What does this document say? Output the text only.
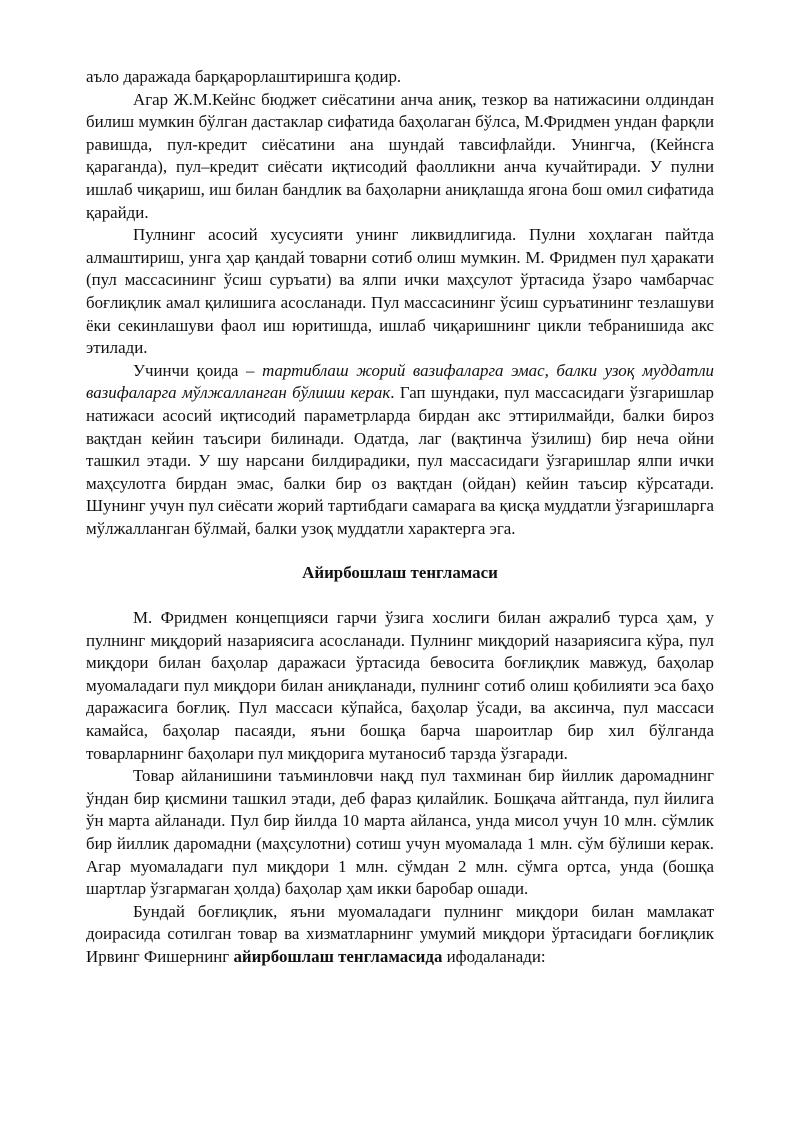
аъло даражада барқарорлаштиришга қодир.

Агар Ж.М.Кейнс бюджет сиёсатини анча аниқ, тезкор ва натижасини олдиндан билиш мумкин бўлган дастаклар сифатида баҳолаган бўлса, М.Фридмен ундан фарқли равишда, пул-кредит сиёсатини ана шундай тавсифлайди. Унингча, (Кейнсга қараганда), пул–кредит сиёсати иқтисодий фаолликни анча кучайтиради. У пулни ишлаб чиқариш, иш билан бандлик ва баҳоларни аниқлашда ягона бош омил сифатида қарайди.

Пулнинг асосий хусусияти унинг ликвидлигида. Пулни хоҳлаган пайтда алмаштириш, унга ҳар қандай товарни сотиб олиш мумкин. М. Фридмен пул ҳаракати (пул массасининг ўсиш суръати) ва ялпи ички маҳсулот ўртасида ўзаро чамбарчас боғлиқлик амал қилишига асосланади. Пул массасининг ўсиш суръатининг тезлашуви ёки секинлашуви фаол иш юритишда, ишлаб чиқаришнинг цикли тебранишида акс этилади.

Учинчи қоида – тартиблаш жорий вазифаларга эмас, балки узоқ муддатли вазифаларга мўлжалланган бўлиши керак. Гап шундаки, пул массасидаги ўзгаришлар натижаси асосий иқтисодий параметрларда бирдан акс эттирилмайди, балки бироз вақтдан кейин таъсири билинади. Одатда, лаг (вақтинча ўзилиш) бир неча ойни ташкил этади. У шу нарсани билдирадики, пул массасидаги ўзгаришлар ялпи ички маҳсулотга бирдан эмас, балки бир оз вақтдан (ойдан) кейин таъсир кўрсатади. Шунинг учун пул сиёсати жорий тартибдаги самарага ва қисқа муддатли ўзгаришларга мўлжалланган бўлмай, балки узоқ муддатли характерга эга.

Айирбошлаш тенгламаси

М. Фридмен концепцияси гарчи ўзига хослиги билан ажралиб турса ҳам, у пулнинг миқдорий назариясига асосланади. Пулнинг миқдорий назариясига кўра, пул миқдори билан баҳолар даражаси ўртасида бевосита боғлиқлик мавжуд, баҳолар муомаладаги пул миқдори билан аниқланади, пулнинг сотиб олиш қобилияти эса баҳо даражасига боғлиқ. Пул массаси кўпайса, баҳолар ўсади, ва аксинча, пул массаси камайса, баҳолар пасаяди, яъни бошқа барча шароитлар бир хил бўлганда товарларнинг баҳолари пул миқдорига мутаносиб тарзда ўзгаради.

Товар айланишини таъминловчи нақд пул тахминан бир йиллик даромаднинг ўндан бир қисмини ташкил этади, деб фараз қилайлик. Бошқача айтганда, пул йилига ўн марта айланади. Пул бир йилда 10 марта айланса, унда мисол учун 10 млн. сўмлик бир йиллик даромадни (маҳсулотни) сотиш учун муомалада 1 млн. сўм бўлиши керак. Агар муомаладаги пул миқдори 1 млн. сўмдан 2 млн. сўмга ортса, унда (бошқа шартлар ўзгармаган ҳолда) баҳолар ҳам икки баробар ошади.

Бундай боғлиқлик, яъни муомаладаги пулнинг миқдори билан мамлакат доирасида сотилган товар ва хизматларнинг умумий миқдори ўртасидаги боғлиқлик Ирвинг Фишернинг айирбошлаш тенгламасида ифодаланади:
